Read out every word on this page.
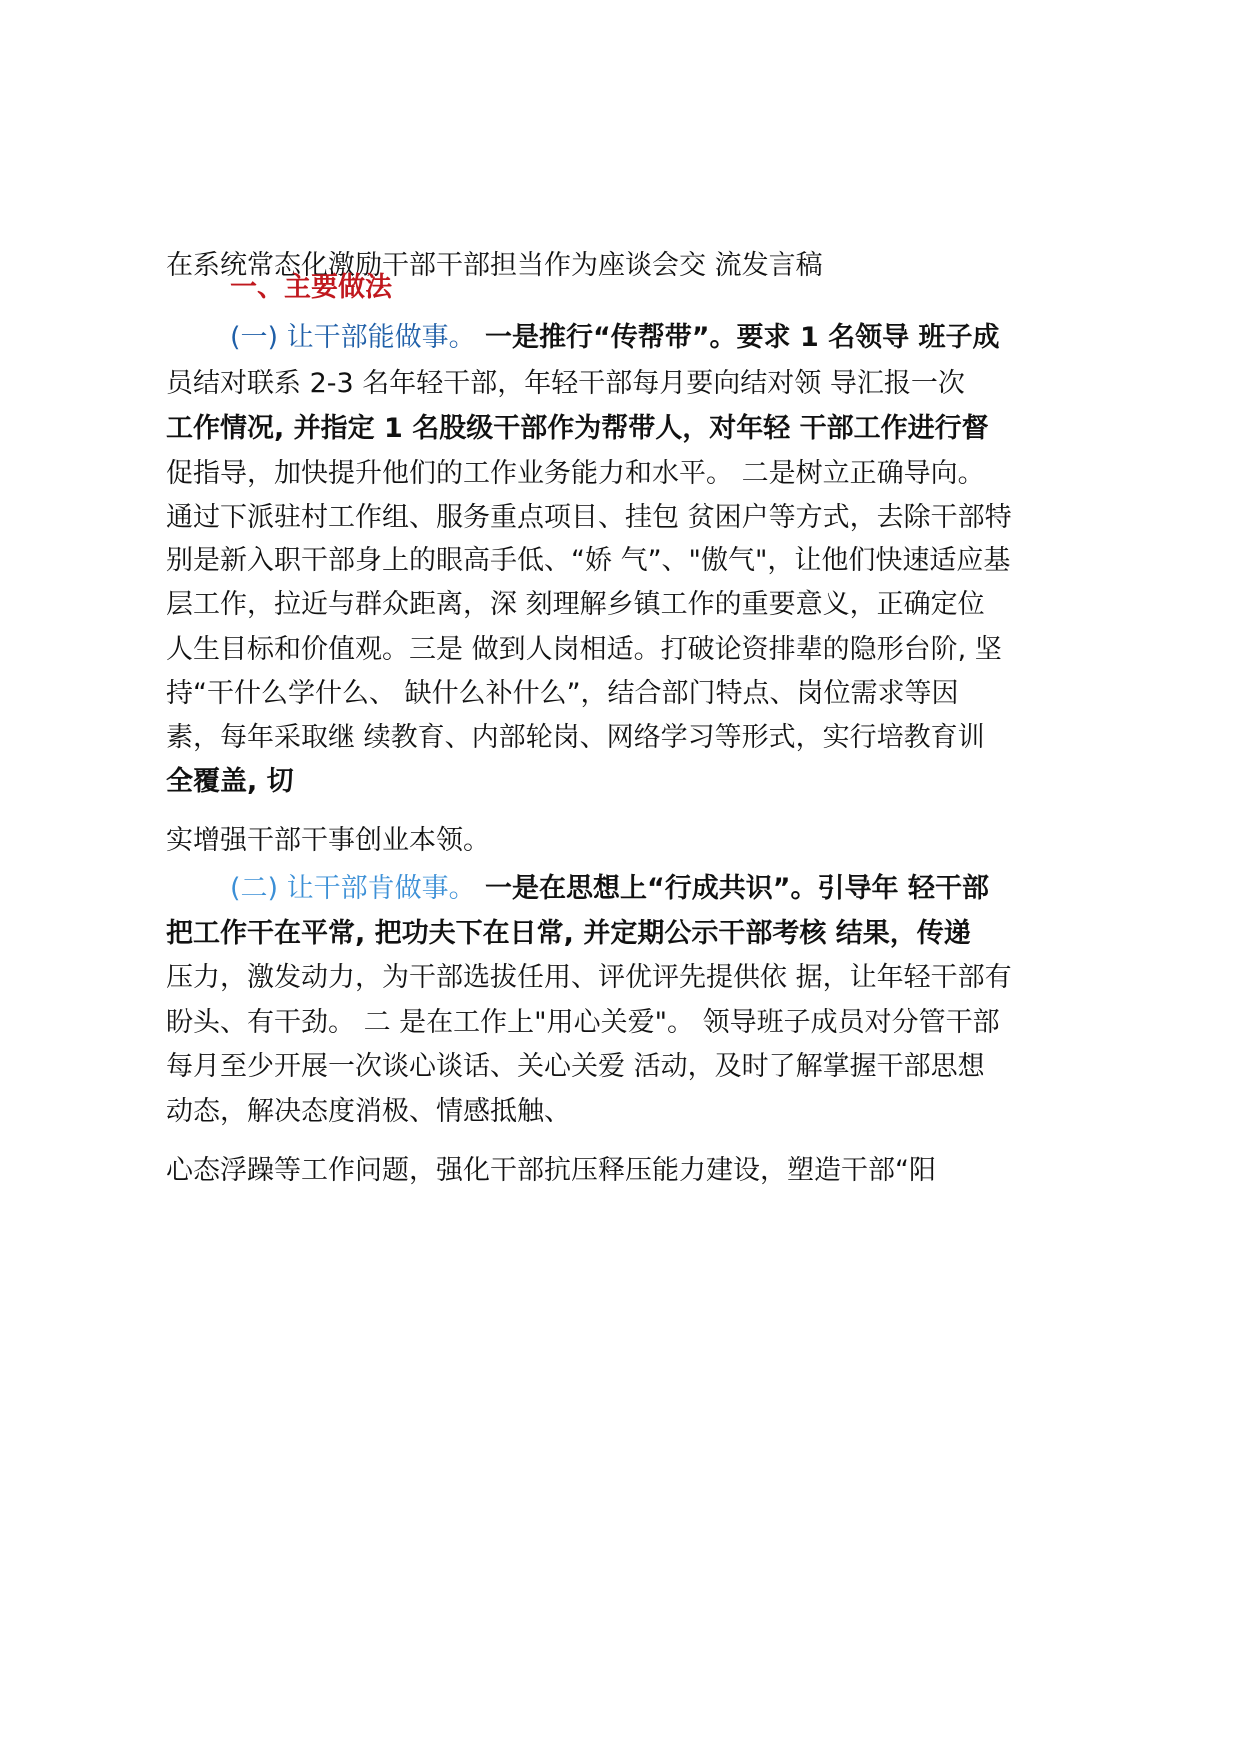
在系统常态化激励干部干部担当作为座谈会交 流发言稿
一、主要做法
(一) 让干部能做事。 一是推行“传帮带”。要求 1 名领导 班子成
员结对联系 2-3 名年轻干部，年轻干部每月要向结对领 导汇报一次
工作情况, 并指定 1 名股级干部作为帮带人，对年轻 干部工作进行督
促指导，加快提升他们的工作业务能力和水平。 二是树立正确导向。
通过下派驻村工作组、服务重点项目、挂包 贫困户等方式，去除干部特
别是新入职干部身上的眼高手低、“娇 气”、"傲气"，让他们快速适应基
层工作，拉近与群众距离，深 刻理解乡镇工作的重要意义，正确定位
人生目标和价值观。三是 做到人岗相适。打破论资排辈的隐形台阶, 坚
持“干什么学什么、 缺什么补什么”，结合部门特点、岗位需求等因
素，每年采取继 续教育、内部轮岗、网络学习等形式，实行培教育训
全覆盖, 切
实增强干部干事创业本领。
(二) 让干部肯做事。 一是在思想上“行成共识”。引导年 轻干部
把工作干在平常, 把功夫下在日常, 并定期公示干部考核 结果，传递
压力，激发动力，为干部选拔任用、评优评先提供依 据，让年轻干部有
盼头、有干劲。 二 是在工作上"用心关爱"。 领导班子成员对分管干部
每月至少开展一次谈心谈话、关心关爱 活动，及时了解掌握干部思想
动态，解决态度消极、情感抵触、
心态浮躁等工作问题，强化干部抗压释压能力建设，塑造干部“阳
